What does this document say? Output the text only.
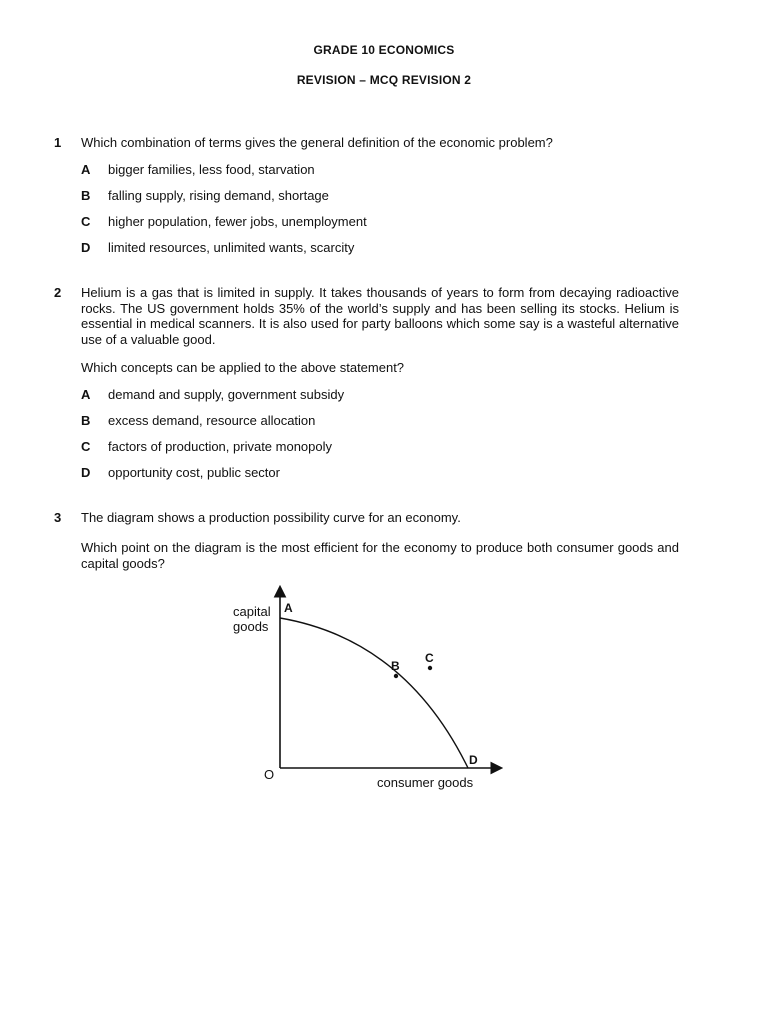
GRADE 10 ECONOMICS
REVISION – MCQ REVISION 2
1 Which combination of terms gives the general definition of the economic problem?
A bigger families, less food, starvation
B falling supply, rising demand, shortage
C higher population, fewer jobs, unemployment
D limited resources, unlimited wants, scarcity
2 Helium is a gas that is limited in supply. It takes thousands of years to form from decaying radioactive rocks. The US government holds 35% of the world’s supply and has been selling its stocks. Helium is essential in medical scanners. It is also used for party balloons which some say is a wasteful alternative use of a valuable good.
Which concepts can be applied to the above statement?
A demand and supply, government subsidy
B excess demand, resource allocation
C factors of production, private monopoly
D opportunity cost, public sector
3 The diagram shows a production possibility curve for an economy.
Which point on the diagram is the most efficient for the economy to produce both consumer goods and capital goods?
capital
goods
consumer goods
O
A
B
C
D
